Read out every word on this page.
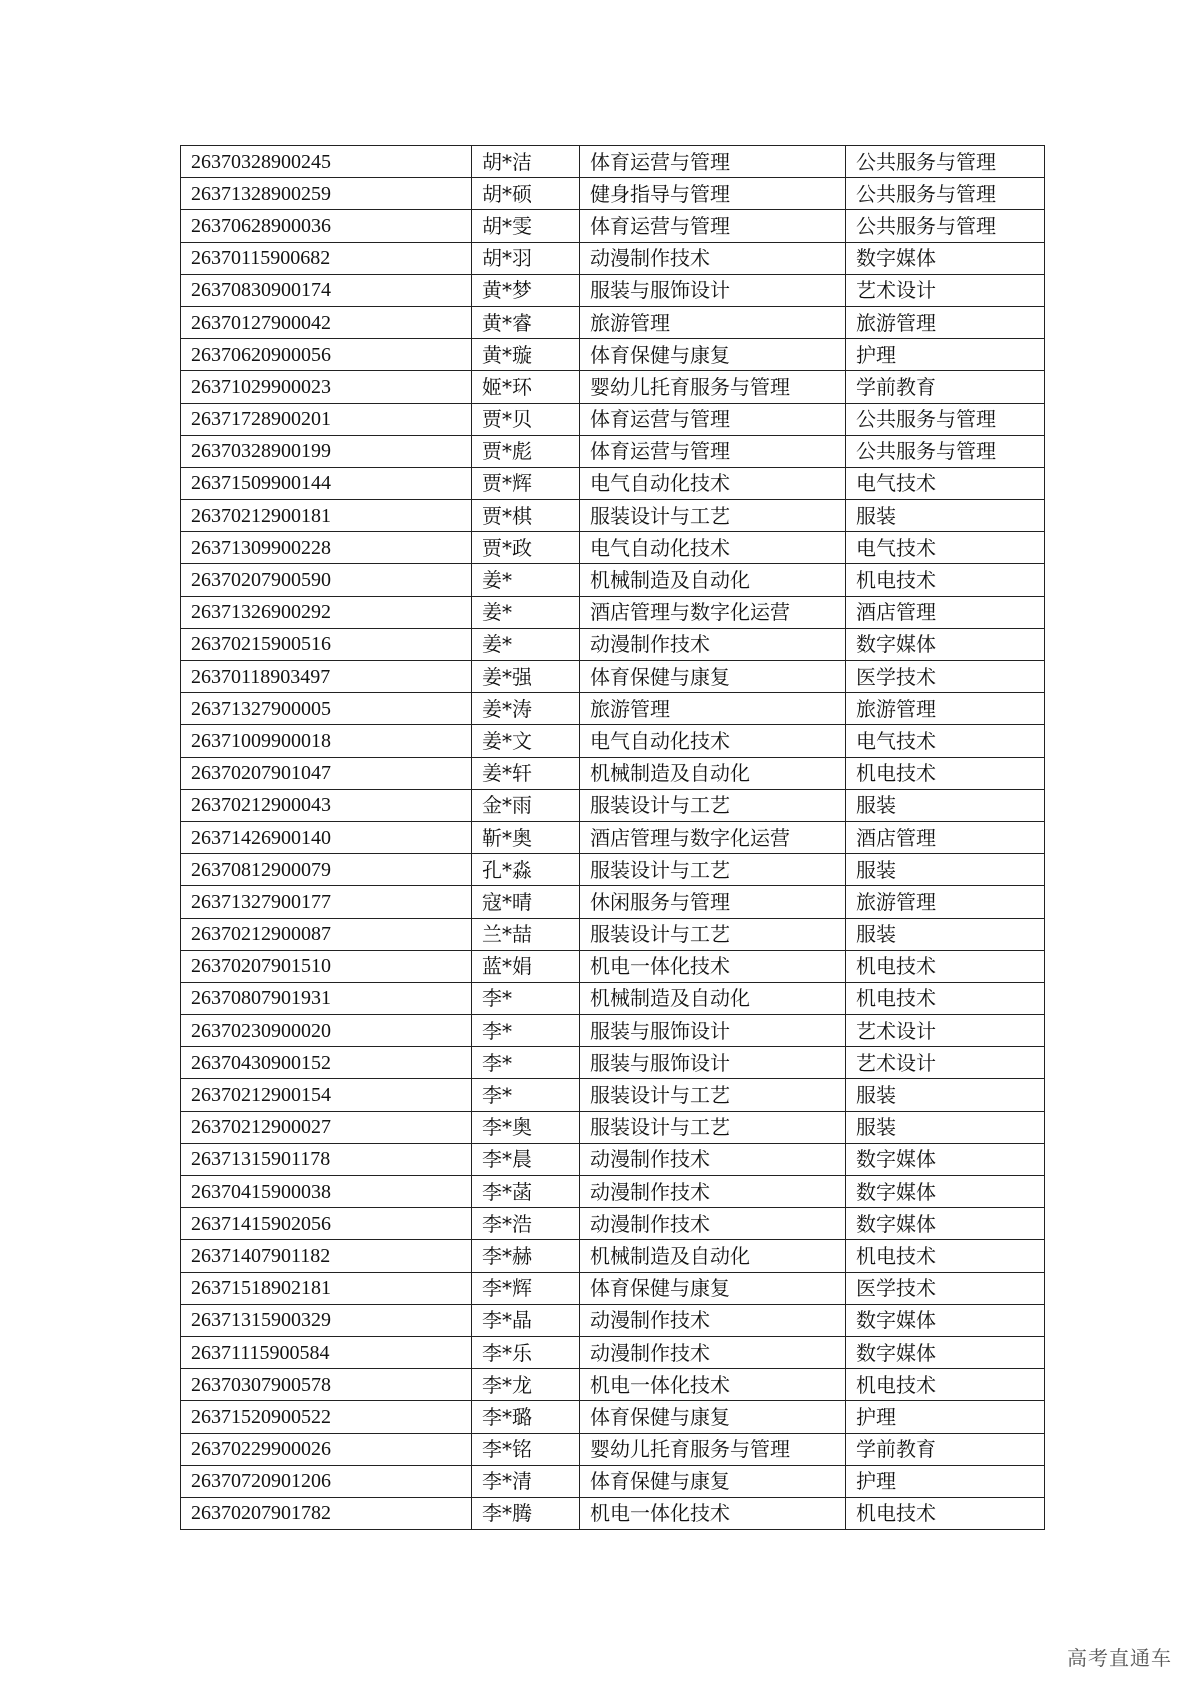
26370328900245	胡*洁	体育运营与管理	公共服务与管理
26371328900259	胡*硕	健身指导与管理	公共服务与管理
26370628900036	胡*雯	体育运营与管理	公共服务与管理
26370115900682	胡*羽	动漫制作技术	数字媒体
26370830900174	黄*梦	服装与服饰设计	艺术设计
26370127900042	黄*睿	旅游管理	旅游管理
26370620900056	黄*璇	体育保健与康复	护理
26371029900023	姬*环	婴幼儿托育服务与管理	学前教育
26371728900201	贾*贝	体育运营与管理	公共服务与管理
26370328900199	贾*彪	体育运营与管理	公共服务与管理
26371509900144	贾*辉	电气自动化技术	电气技术
26370212900181	贾*棋	服装设计与工艺	服装
26371309900228	贾*政	电气自动化技术	电气技术
26370207900590	姜*	机械制造及自动化	机电技术
26371326900292	姜*	酒店管理与数字化运营	酒店管理
26370215900516	姜*	动漫制作技术	数字媒体
26370118903497	姜*强	体育保健与康复	医学技术
26371327900005	姜*涛	旅游管理	旅游管理
26371009900018	姜*文	电气自动化技术	电气技术
26370207901047	姜*轩	机械制造及自动化	机电技术
26370212900043	金*雨	服装设计与工艺	服装
26371426900140	靳*奥	酒店管理与数字化运营	酒店管理
26370812900079	孔*淼	服装设计与工艺	服装
26371327900177	寇*晴	休闲服务与管理	旅游管理
26370212900087	兰*喆	服装设计与工艺	服装
26370207901510	蓝*娟	机电一体化技术	机电技术
26370807901931	李*	机械制造及自动化	机电技术
26370230900020	李*	服装与服饰设计	艺术设计
26370430900152	李*	服装与服饰设计	艺术设计
26370212900154	李*	服装设计与工艺	服装
26370212900027	李*奥	服装设计与工艺	服装
26371315901178	李*晨	动漫制作技术	数字媒体
26370415900038	李*菡	动漫制作技术	数字媒体
26371415902056	李*浩	动漫制作技术	数字媒体
26371407901182	李*赫	机械制造及自动化	机电技术
26371518902181	李*辉	体育保健与康复	医学技术
26371315900329	李*晶	动漫制作技术	数字媒体
26371115900584	李*乐	动漫制作技术	数字媒体
26370307900578	李*龙	机电一体化技术	机电技术
26371520900522	李*璐	体育保健与康复	护理
26370229900026	李*铭	婴幼儿托育服务与管理	学前教育
26370720901206	李*清	体育保健与康复	护理
26370207901782	李*腾	机电一体化技术	机电技术
高考直通车
